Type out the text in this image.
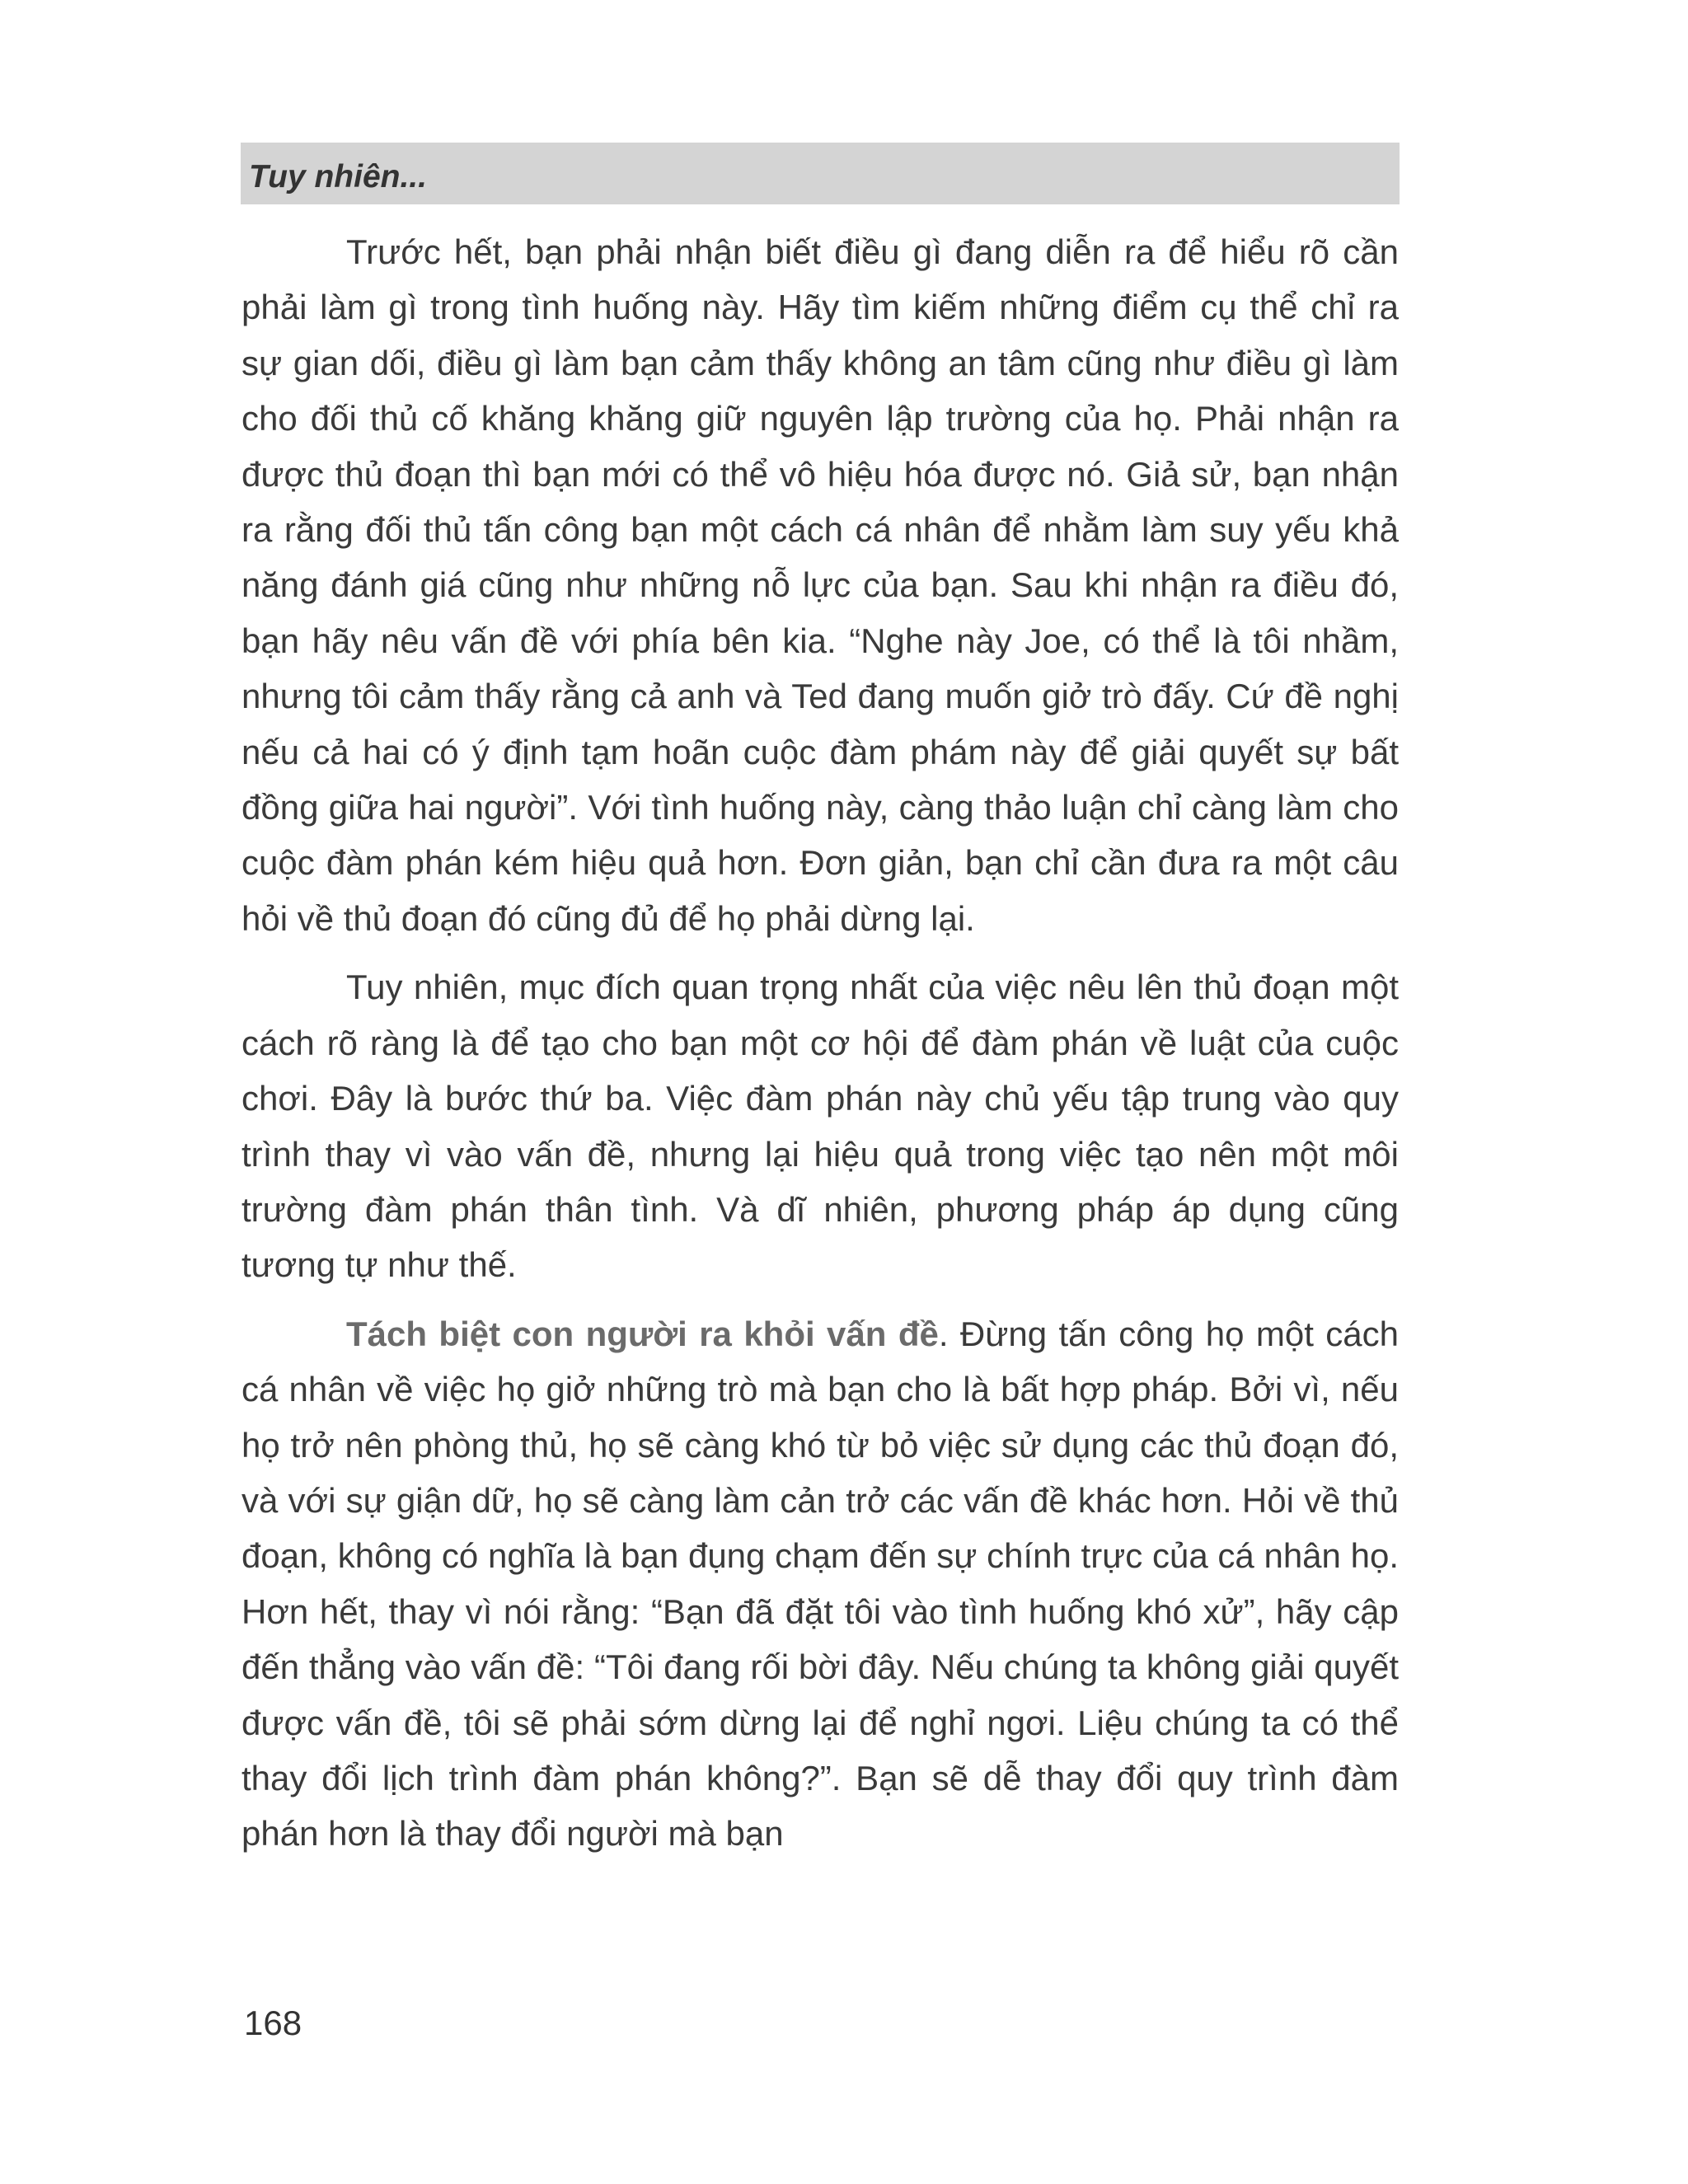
Tuy nhiên...

Trước hết, bạn phải nhận biết điều gì đang diễn ra để hiểu rõ cần phải làm gì trong tình huống này. Hãy tìm kiếm những điểm cụ thể chỉ ra sự gian dối, điều gì làm bạn cảm thấy không an tâm cũng như điều gì làm cho đối thủ cố khăng khăng giữ nguyên lập trường của họ. Phải nhận ra được thủ đoạn thì bạn mới có thể vô hiệu hóa được nó. Giả sử, bạn nhận ra rằng đối thủ tấn công bạn một cách cá nhân để nhằm làm suy yếu khả năng đánh giá cũng như những nỗ lực của bạn. Sau khi nhận ra điều đó, bạn hãy nêu vấn đề với phía bên kia. “Nghe này Joe, có thể là tôi nhầm, nhưng tôi cảm thấy rằng cả anh và Ted đang muốn giở trò đấy. Cứ đề nghị nếu cả hai có ý định tạm hoãn cuộc đàm phám này để giải quyết sự bất đồng giữa hai người”. Với tình huống này, càng thảo luận chỉ càng làm cho cuộc đàm phán kém hiệu quả hơn. Đơn giản, bạn chỉ cần đưa ra một câu hỏi về thủ đoạn đó cũng đủ để họ phải dừng lại.

Tuy nhiên, mục đích quan trọng nhất của việc nêu lên thủ đoạn một cách rõ ràng là để tạo cho bạn một cơ hội để đàm phán về luật của cuộc chơi. Đây là bước thứ ba. Việc đàm phán này chủ yếu tập trung vào quy trình thay vì vào vấn đề, nhưng lại hiệu quả trong việc tạo nên một môi trường đàm phán thân tình. Và dĩ nhiên, phương pháp áp dụng cũng tương tự như thế.

Tách biệt con người ra khỏi vấn đề. Đừng tấn công họ một cách cá nhân về việc họ giở những trò mà bạn cho là bất hợp pháp. Bởi vì, nếu họ trở nên phòng thủ, họ sẽ càng khó từ bỏ việc sử dụng các thủ đoạn đó, và với sự giận dữ, họ sẽ càng làm cản trở các vấn đề khác hơn. Hỏi về thủ đoạn, không có nghĩa là bạn đụng chạm đến sự chính trực của cá nhân họ. Hơn hết, thay vì nói rằng: “Bạn đã đặt tôi vào tình huống khó xử”, hãy cập đến thẳng vào vấn đề: “Tôi đang rối bời đây. Nếu chúng ta không giải quyết được vấn đề, tôi sẽ phải sớm dừng lại để nghỉ ngơi. Liệu chúng ta có thể thay đổi lịch trình đàm phán không?”. Bạn sẽ dễ thay đổi quy trình đàm phán hơn là thay đổi người mà bạn

168
